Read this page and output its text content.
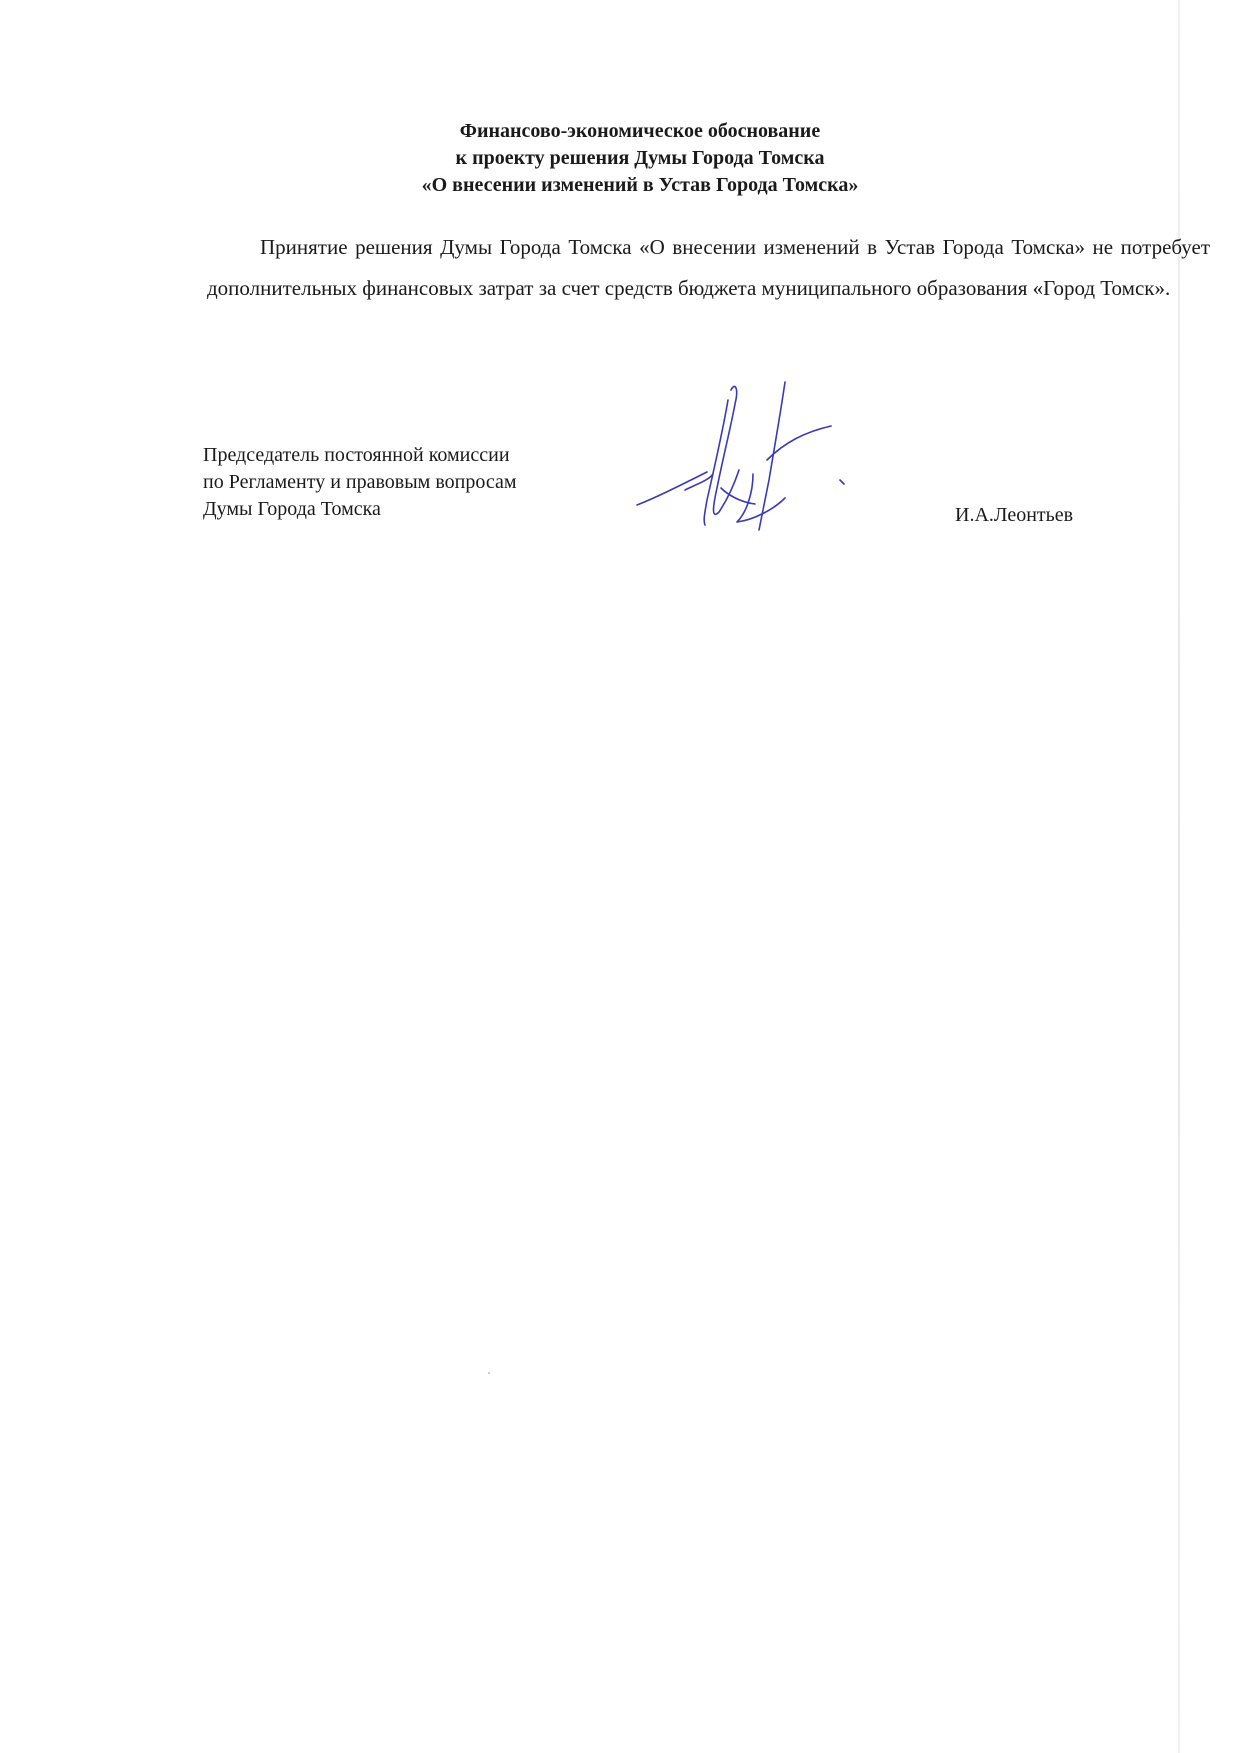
Финансово-экономическое обоснование
к проекту решения Думы Города Томска
«О внесении изменений в Устав Города Томска»
Принятие решения Думы Города Томска «О внесении изменений в Устав Города Томска» не потребует дополнительных финансовых затрат за счет средств бюджета муниципального образования «Город Томск».
Председатель постоянной комиссии
по Регламенту и правовым вопросам
Думы Города Томска	И.А.Леонтьев
